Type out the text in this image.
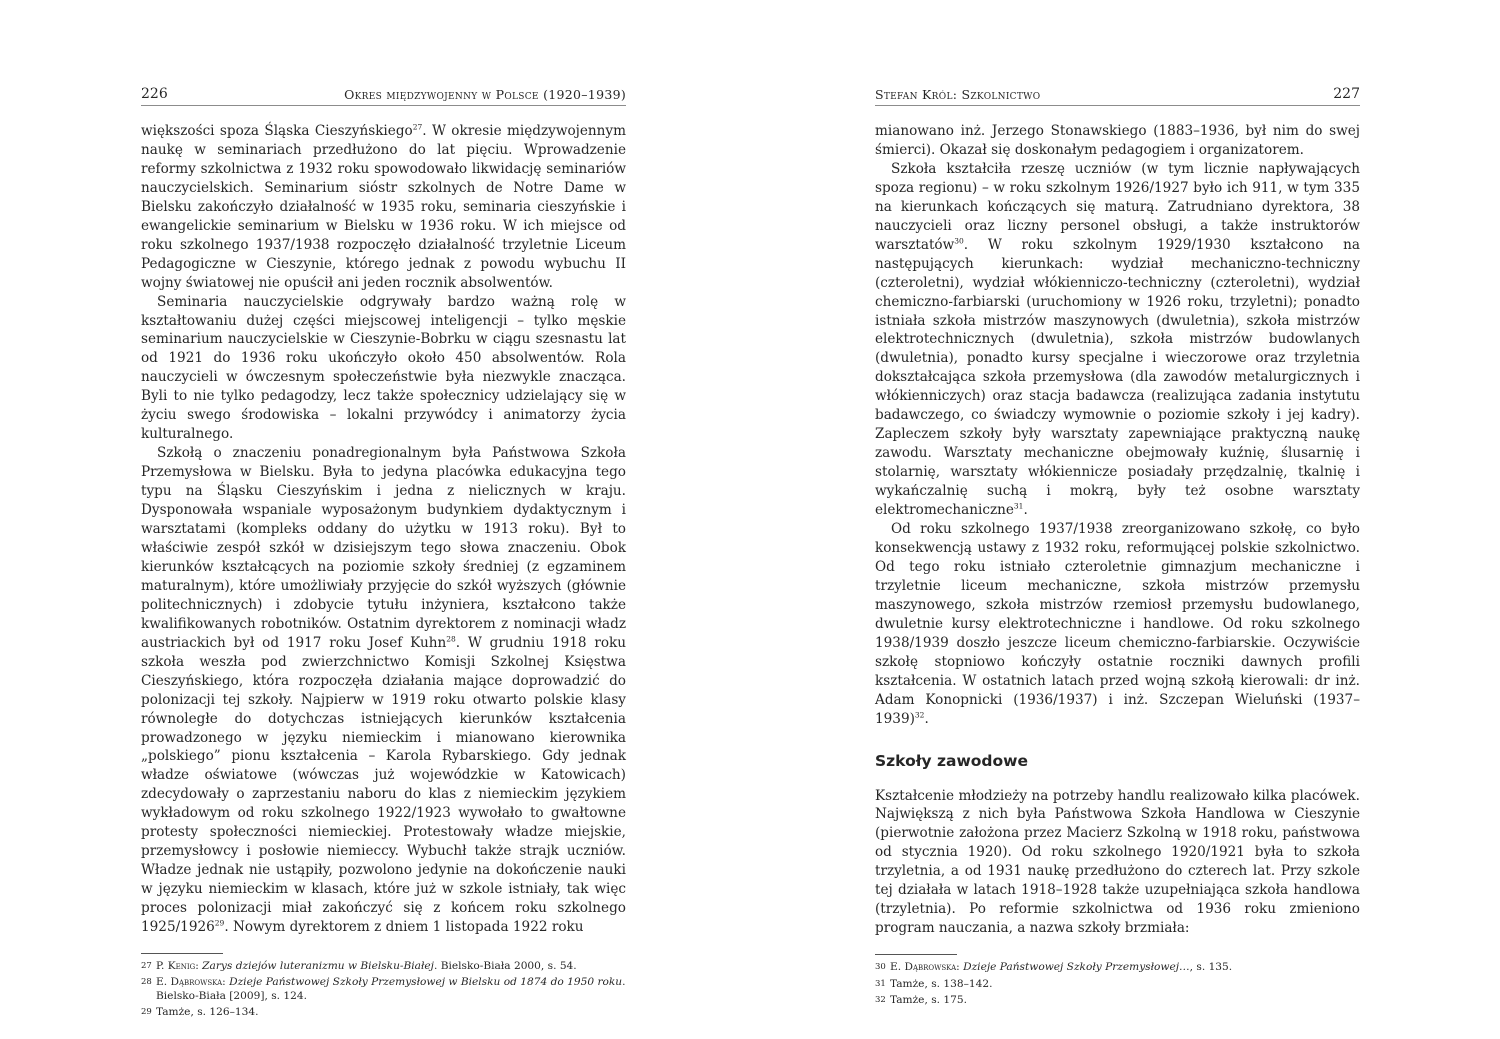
226	Okres międzywojenny w Polsce (1920–1939)

większości spoza Śląska Cieszyńskiego$^{27}$. W okresie międzywojennym naukę w seminariach przedłużono do lat pięciu. Wprowadzenie reformy szkolnictwa z 1932 roku spowodowało likwidację seminariów nauczycielskich. Seminarium sióstr szkolnych de Notre Dame w Bielsku zakończyło działalność w 1935 roku, seminaria cieszyńskie i ewangelickie seminarium w Bielsku w 1936 roku. W ich miejsce od roku szkolnego 1937/1938 rozpoczęło działalność trzyletnie Liceum Pedagogiczne w Cieszynie, którego jednak z powodu wybuchu II wojny światowej nie opuścił ani jeden rocznik absolwentów.

Seminaria nauczycielskie odgrywały bardzo ważną rolę w kształtowaniu dużej części miejscowej inteligencji – tylko męskie seminarium nauczycielskie w Cieszynie-Bobrku w ciągu szesnastu lat od 1921 do 1936 roku ukończyło około 450 absolwentów. Rola nauczycieli w ówczesnym społeczeństwie była niezwykle znacząca. Byli to nie tylko pedagodzy, lecz także społecznicy udzielający się w życiu swego środowiska – lokalni przywódcy i animatorzy życia kulturalnego.

Szkołą o znaczeniu ponadregionalnym była Państwowa Szkoła Przemysłowa w Bielsku. Była to jedyna placówka edukacyjna tego typu na Śląsku Cieszyńskim i jedna z nielicznych w kraju. Dysponowała wspaniale wyposażonym budynkiem dydaktycznym i warsztatami (kompleks oddany do użytku w 1913 roku). Był to właściwie zespół szkół w dzisiejszym tego słowa znaczeniu. Obok kierunków kształcących na poziomie szkoły średniej (z egzaminem maturalnym), które umożliwiały przyjęcie do szkół wyższych (głównie politechnicznych) i zdobycie tytułu inżyniera, kształcono także kwalifikowanych robotników. Ostatnim dyrektorem z nominacji władz austriackich był od 1917 roku Josef Kuhn$^{28}$. W grudniu 1918 roku szkoła weszła pod zwierzchnictwo Komisji Szkolnej Księstwa Cieszyńskiego, która rozpoczęła działania mające doprowadzić do polonizacji tej szkoły. Najpierw w 1919 roku otwarto polskie klasy równoległe do dotychczas istniejących kierunków kształcenia prowadzonego w języku niemieckim i mianowano kierownika „polskiego” pionu kształcenia – Karola Rybarskiego. Gdy jednak władze oświatowe (wówczas już wojewódzkie w Katowicach) zdecydowały o zaprzestaniu naboru do klas z niemieckim językiem wykładowym od roku szkolnego 1922/1923 wywołało to gwałtowne protesty społeczności niemieckiej. Protestowały władze miejskie, przemysłowcy i posłowie niemieccy. Wybuchł także strajk uczniów. Władze jednak nie ustąpiły, pozwolono jedynie na dokończenie nauki w języku niemieckim w klasach, które już w szkole istniały, tak więc proces polonizacji miał zakończyć się z końcem roku szkolnego 1925/1926$^{29}$. Nowym dyrektorem z dniem 1 listopada 1922 roku

27 P. Kenig: Zarys dziejów luteranizmu w Bielsku-Białej. Bielsko-Biała 2000, s. 54.
28 E. Dąbrowska: Dzieje Państwowej Szkoły Przemysłowej w Bielsku od 1874 do 1950 roku. Bielsko-Biała [2009], s. 124.
29 Tamże, s. 126–134.
Stefan Król: Szkolnictwo	227

mianowano inż. Jerzego Stonawskiego (1883–1936, był nim do swej śmierci). Okazał się doskonałym pedagogiem i organizatorem.

Szkoła kształciła rzeszę uczniów (w tym licznie napływających spoza regionu) – w roku szkolnym 1926/1927 było ich 911, w tym 335 na kierunkach kończących się maturą. Zatrudniano dyrektora, 38 nauczycieli oraz liczny personel obsługi, a także instruktorów warsztatów$^{30}$. W roku szkolnym 1929/1930 kształcono na następujących kierunkach: wydział mechaniczno-techniczny (czteroletni), wydział włókienniczo-techniczny (czteroletni), wydział chemiczno-farbiarski (uruchomiony w 1926 roku, trzyletni); ponadto istniała szkoła mistrzów maszynowych (dwuletnia), szkoła mistrzów elektrotechnicznych (dwuletnia), szkoła mistrzów budowlanych (dwuletnia), ponadto kursy specjalne i wieczorowe oraz trzyletnia dokształcająca szkoła przemysłowa (dla zawodów metalurgicznych i włókienniczych) oraz stacja badawcza (realizująca zadania instytutu badawczego, co świadczy wymownie o poziomie szkoły i jej kadry). Zapleczem szkoły były warsztaty zapewniające praktyczną naukę zawodu. Warsztaty mechaniczne obejmowały kuźnię, ślusarnię i stolarnię, warsztaty włókiennicze posiadały przędzalnię, tkalnię i wykańczalnię suchą i mokrą, były też osobne warsztaty elektromechaniczne$^{31}$.

Od roku szkolnego 1937/1938 zreorganizowano szkołę, co było konsekwencją ustawy z 1932 roku, reformującej polskie szkolnictwo. Od tego roku istniało czteroletnie gimnazjum mechaniczne i trzyletnie liceum mechaniczne, szkoła mistrzów przemysłu maszynowego, szkoła mistrzów rzemiosł przemysłu budowlanego, dwuletnie kursy elektrotechniczne i handlowe. Od roku szkolnego 1938/1939 doszło jeszcze liceum chemiczno-farbiarskie. Oczywiście szkołę stopniowo kończyły ostatnie roczniki dawnych profili kształcenia. W ostatnich latach przed wojną szkołą kierowali: dr inż. Adam Konopnicki (1936/1937) i inż. Szczepan Wieluński (1937–1939)$^{32}$.

Szkoły zawodowe

Kształcenie młodzieży na potrzeby handlu realizowało kilka placówek. Największą z nich była Państwowa Szkoła Handlowa w Cieszynie (pierwotnie założona przez Macierz Szkolną w 1918 roku, państwowa od stycznia 1920). Od roku szkolnego 1920/1921 była to szkoła trzyletnia, a od 1931 naukę przedłużono do czterech lat. Przy szkole tej działała w latach 1918–1928 także uzupełniająca szkoła handlowa (trzyletnia). Po reformie szkolnictwa od 1936 roku zmieniono program nauczania, a nazwa szkoły brzmiała:

30 E. Dąbrowska: Dzieje Państwowej Szkoły Przemysłowej…, s. 135.
31 Tamże, s. 138–142.
32 Tamże, s. 175.
